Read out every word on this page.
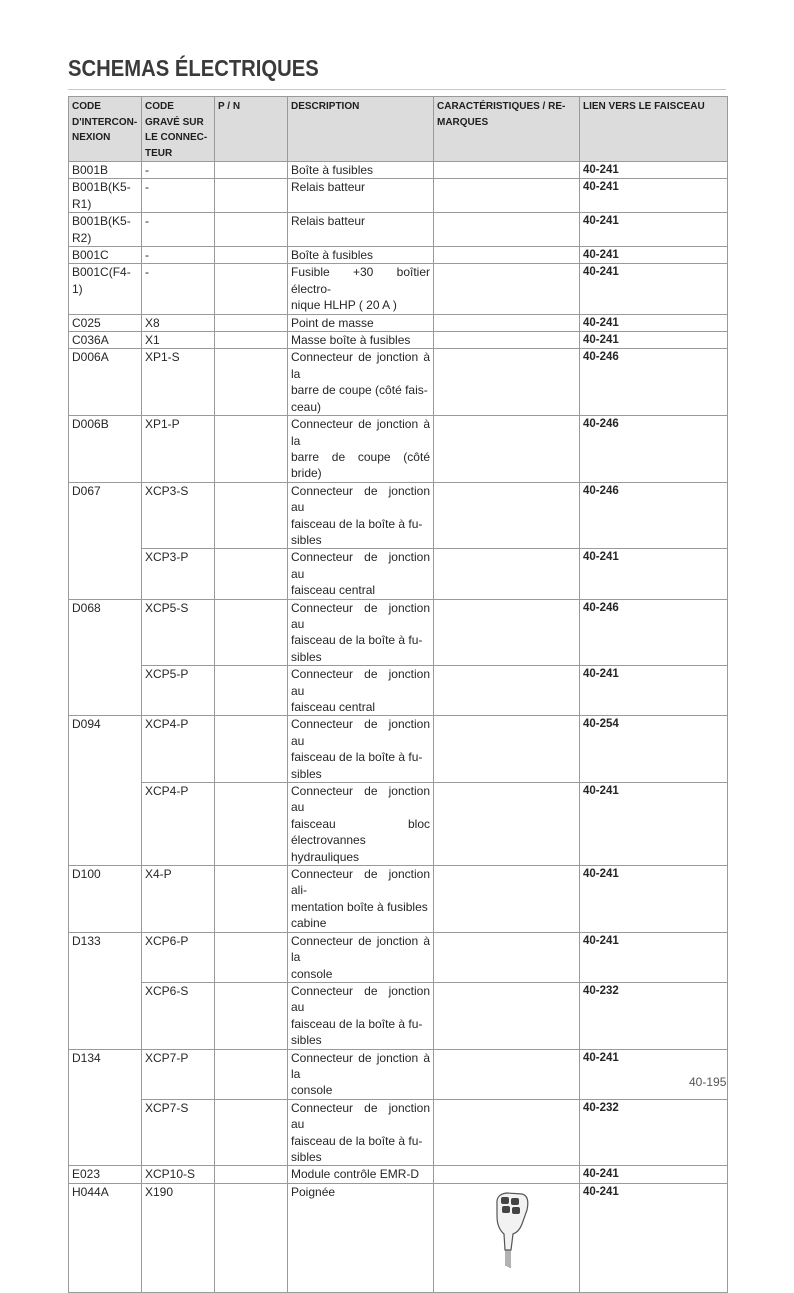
SCHEMAS ÉLECTRIQUES
CODE D'INTERCON- NEXION	CODE GRAVÉ SUR LE CONNEC- TEUR	P / N	DESCRIPTION	CARACTÉRISTIQUES / RE- MARQUES	LIEN VERS LE FAISCEAU
B001B	-		Boîte à fusibles		40-241
B001B(K5-
R1)	-		Relais batteur		40-241
B001B(K5-
R2)	-		Relais batteur		40-241
B001C	-		Boîte à fusibles		40-241
B001C(F4-1)	-		Fusible +30 boîtier électro-
nique HLHP ( 20 A )		40-241
C025	X8		Point de masse		40-241
C036A	X1		Masse boîte à fusibles		40-241
D006A	XP1-S		Connecteur de jonction à la
barre de coupe (côté fais-
ceau)		40-246
D006B	XP1-P		Connecteur de jonction à la
barre de coupe (côté bride)		40-246
D067	XCP3-S		Connecteur de jonction au
faisceau de la boîte à fu-
sibles		40-246
	XCP3-P		Connecteur de jonction au
faisceau central		40-241
D068	XCP5-S		Connecteur de jonction au
faisceau de la boîte à fu-
sibles		40-246
	XCP5-P		Connecteur de jonction au
faisceau central		40-241
D094	XCP4-P		Connecteur de jonction au
faisceau de la boîte à fu-
sibles		40-254
	XCP4-P		Connecteur de jonction au
faisceau bloc électrovannes
hydrauliques		40-241
D100	X4-P		Connecteur de jonction ali-
mentation boîte à fusibles
cabine		40-241
D133	XCP6-P		Connecteur de jonction à la
console		40-241
	XCP6-S		Connecteur de jonction au
faisceau de la boîte à fu-
sibles		40-232
D134	XCP7-P		Connecteur de jonction à la
console		40-241
	XCP7-S		Connecteur de jonction au
faisceau de la boîte à fu-
sibles		40-232
E023	XCP10-S		Module contrôle EMR-D		40-241
H044A	X190		Poignée		40-241
40-195
